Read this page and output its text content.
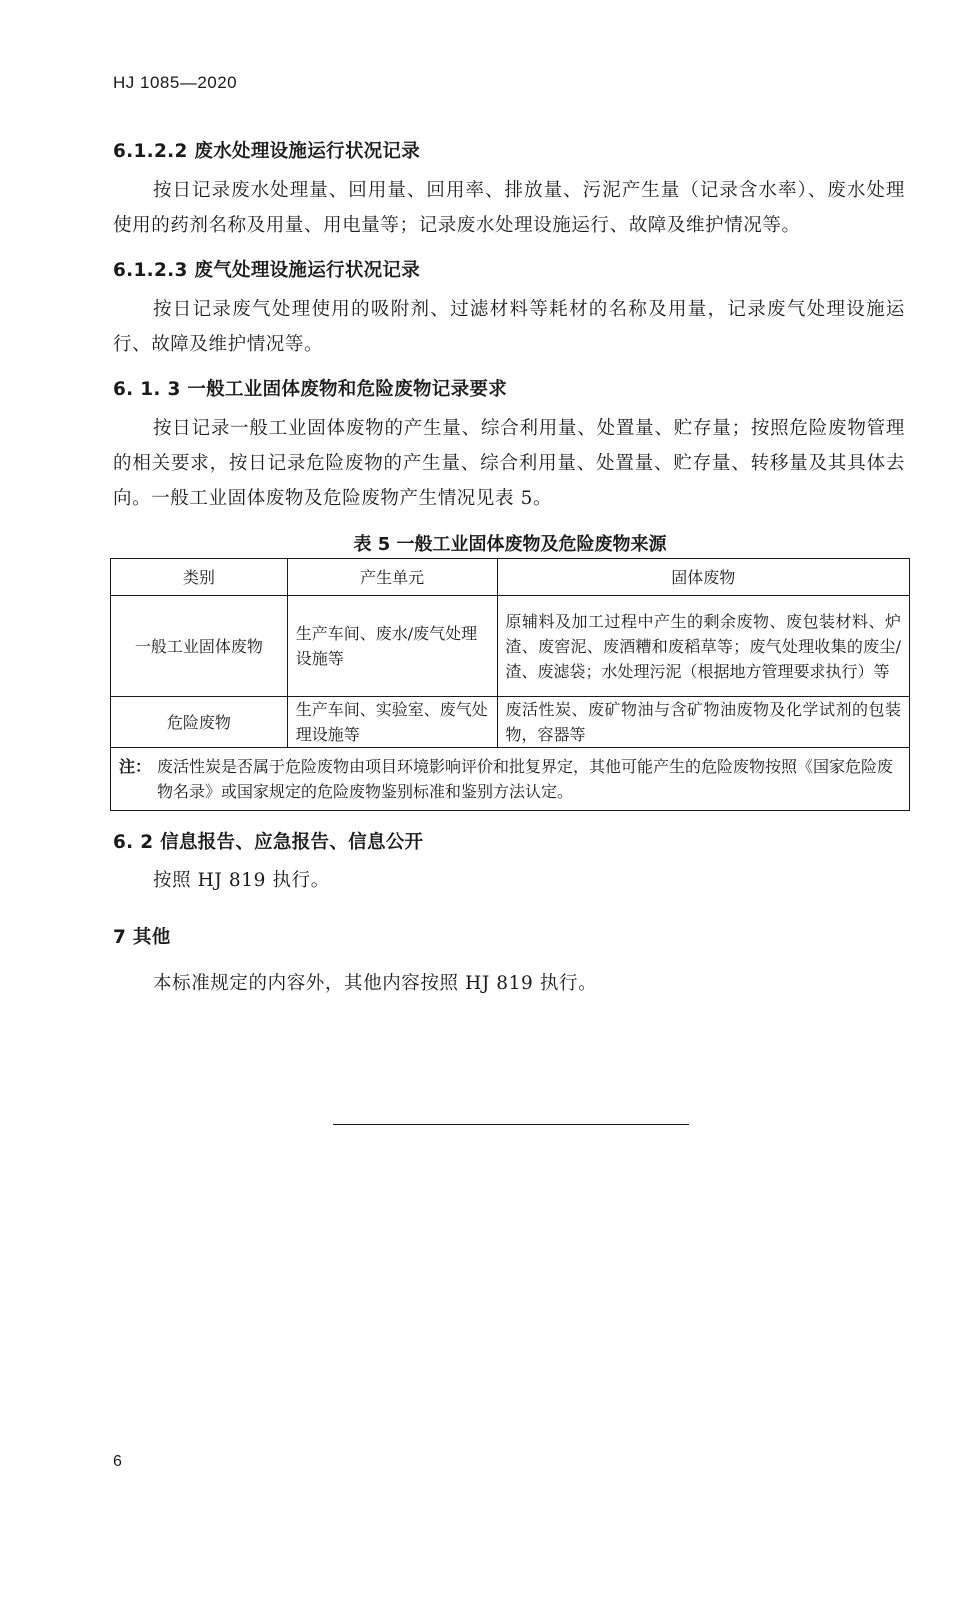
HJ 1085—2020
6.1.2.2 废水处理设施运行状况记录
按日记录废水处理量、回用量、回用率、排放量、污泥产生量（记录含水率）、废水处理使用的药剂名称及用量、用电量等；记录废水处理设施运行、故障及维护情况等。
6.1.2.3 废气处理设施运行状况记录
按日记录废气处理使用的吸附剂、过滤材料等耗材的名称及用量，记录废气处理设施运行、故障及维护情况等。
6. 1. 3 一般工业固体废物和危险废物记录要求
按日记录一般工业固体废物的产生量、综合利用量、处置量、贮存量；按照危险废物管理的相关要求，按日记录危险废物的产生量、综合利用量、处置量、贮存量、转移量及其具体去向。一般工业固体废物及危险废物产生情况见表 5。
表 5 一般工业固体废物及危险废物来源
类别	产生单元	固体废物
一般工业固体废物	生产车间、废水/废气处理设施等	原辅料及加工过程中产生的剩余废物、废包装材料、炉渣、废窖泥、废酒糟和废稻草等；废气处理收集的废尘/渣、废滤袋；水处理污泥（根据地方管理要求执行）等
危险废物	生产车间、实验室、废气处理设施等	废活性炭、废矿物油与含矿物油废物及化学试剂的包装物，容器等

注： 废活性炭是否属于危险废物由项目环境影响评价和批复界定，其他可能产生的危险废物按照《国家危险废物名录》或国家规定的危险废物鉴别标准和鉴别方法认定。		
6. 2 信息报告、应急报告、信息公开
按照 HJ 819 执行。
7 其他
本标准规定的内容外，其他内容按照 HJ 819 执行。
6
